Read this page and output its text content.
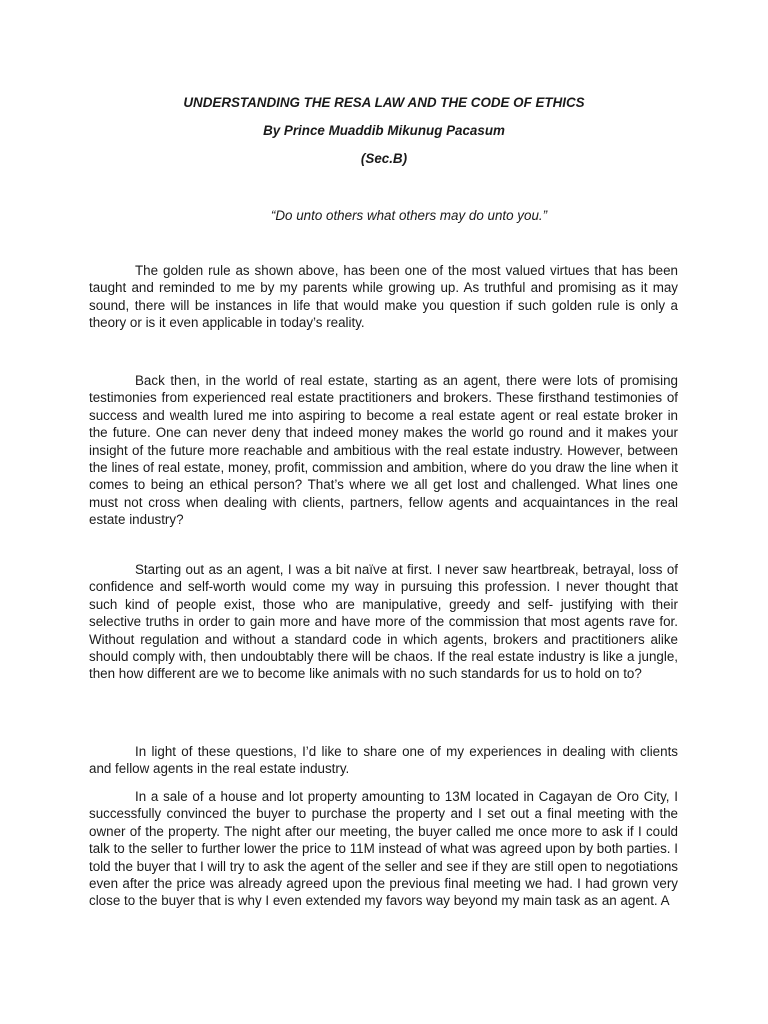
UNDERSTANDING THE RESA LAW AND THE CODE OF ETHICS
By Prince Muaddib Mikunug Pacasum
(Sec.B)
“Do unto others what others may do unto you.”

The golden rule as shown above, has been one of the most valued virtues that has been taught and reminded to me by my parents while growing up. As truthful and promising as it may sound, there will be instances in life that would make you question if such golden rule is only a theory or is it even applicable in today’s reality.

Back then, in the world of real estate, starting as an agent, there were lots of promising testimonies from experienced real estate practitioners and brokers. These firsthand testimonies of success and wealth lured me into aspiring to become a real estate agent or real estate broker in the future. One can never deny that indeed money makes the world go round and it makes your insight of the future more reachable and ambitious with the real estate industry. However, between the lines of real estate, money, profit, commission and ambition, where do you draw the line when it comes to being an ethical person? That’s where we all get lost and challenged. What lines one must not cross when dealing with clients, partners, fellow agents and acquaintances in the real estate industry?

Starting out as an agent, I was a bit naïve at first. I never saw heartbreak, betrayal, loss of confidence and self-worth would come my way in pursuing this profession. I never thought that such kind of people exist, those who are manipulative, greedy and self- justifying with their selective truths in order to gain more and have more of the commission that most agents rave for. Without regulation and without a standard code in which agents, brokers and practitioners alike should comply with, then undoubtably there will be chaos. If the real estate industry is like a jungle, then how different are we to become like animals with no such standards for us to hold on to?

In light of these questions, I’d like to share one of my experiences in dealing with clients and fellow agents in the real estate industry.

In a sale of a house and lot property amounting to 13M located in Cagayan de Oro City, I successfully convinced the buyer to purchase the property and I set out a final meeting with the owner of the property. The night after our meeting, the buyer called me once more to ask if I could talk to the seller to further lower the price to 11M instead of what was agreed upon by both parties. I told the buyer that I will try to ask the agent of the seller and see if they are still open to negotiations even after the price was already agreed upon the previous final meeting we had. I had grown very close to the buyer that is why I even extended my favors way beyond my main task as an agent. A
